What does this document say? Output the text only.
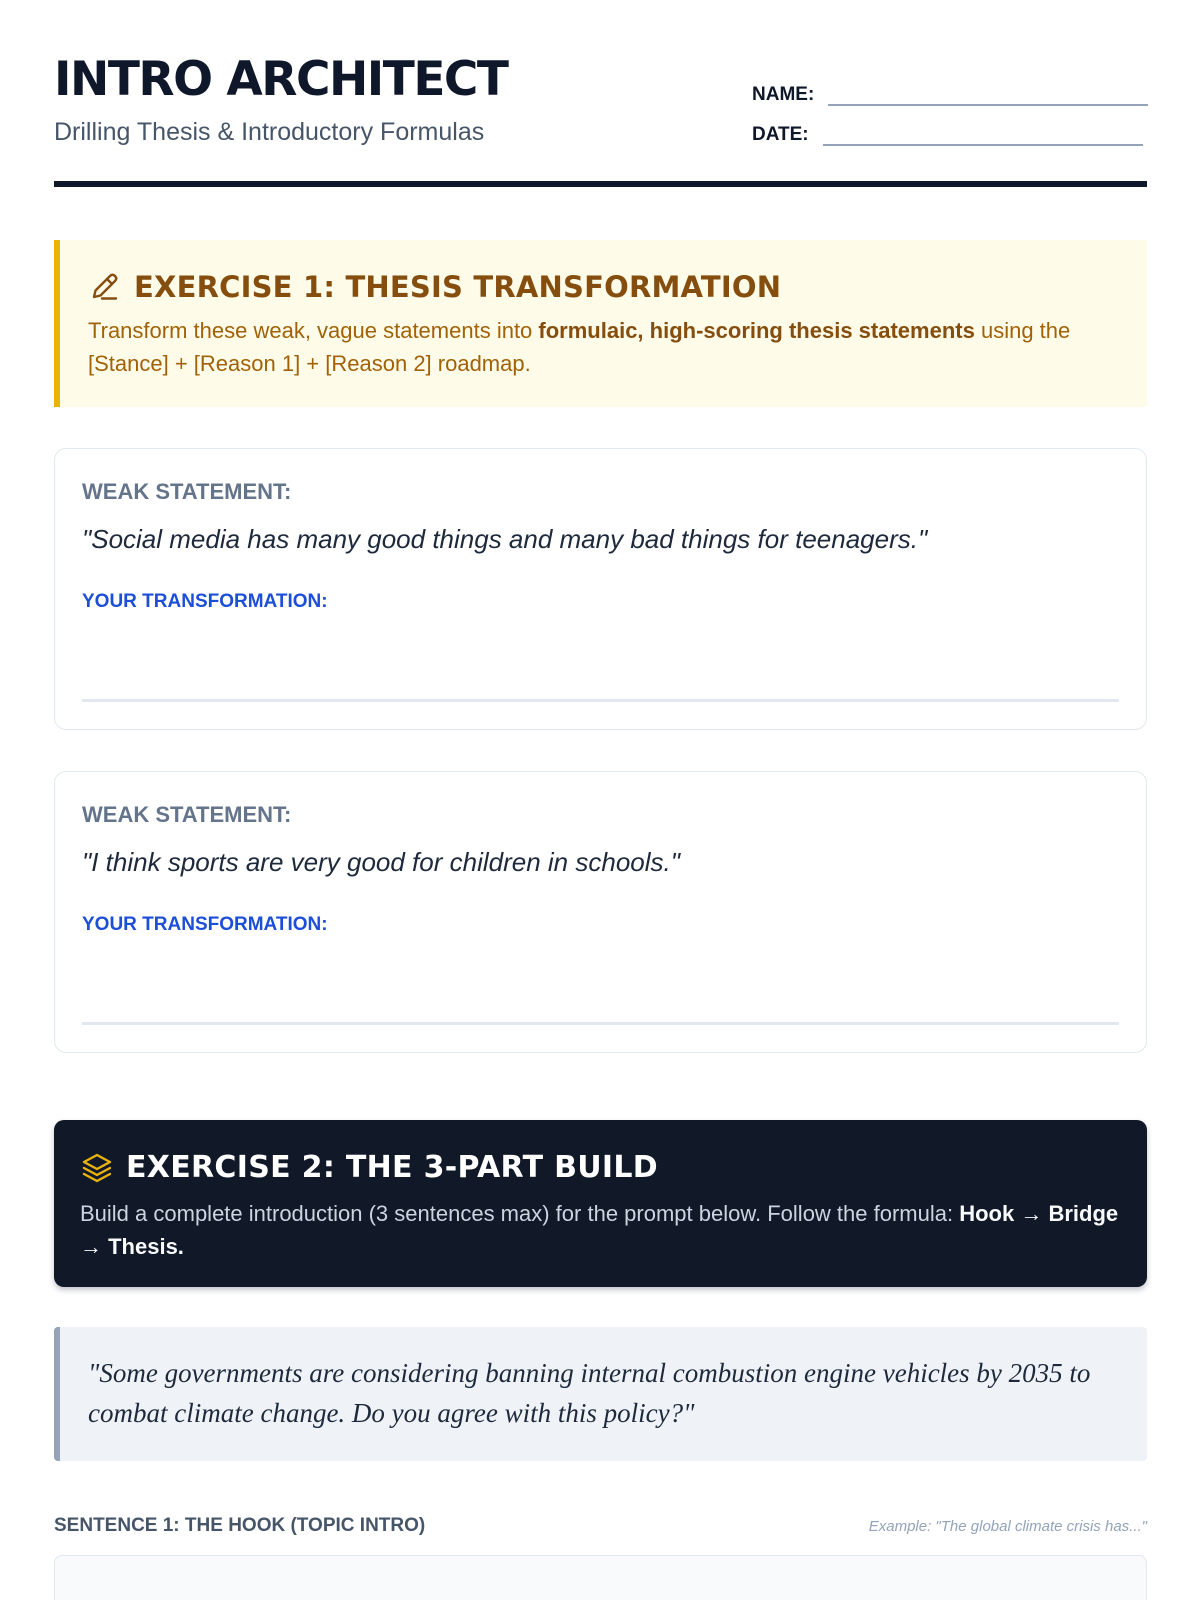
INTRO ARCHITECT
Drilling Thesis & Introductory Formulas
NAME:
DATE:
EXERCISE 1: THESIS TRANSFORMATION
Transform these weak, vague statements into formulaic, high-scoring thesis statements using the [Stance] + [Reason 1] + [Reason 2] roadmap.
WEAK STATEMENT:
"Social media has many good things and many bad things for teenagers."
YOUR TRANSFORMATION:
WEAK STATEMENT:
"I think sports are very good for children in schools."
YOUR TRANSFORMATION:
EXERCISE 2: THE 3-PART BUILD
Build a complete introduction (3 sentences max) for the prompt below. Follow the formula: Hook → Bridge → Thesis.
"Some governments are considering banning internal combustion engine vehicles by 2035 to combat climate change. Do you agree with this policy?"
SENTENCE 1: THE HOOK (TOPIC INTRO)	Example: "The global climate crisis has..."
